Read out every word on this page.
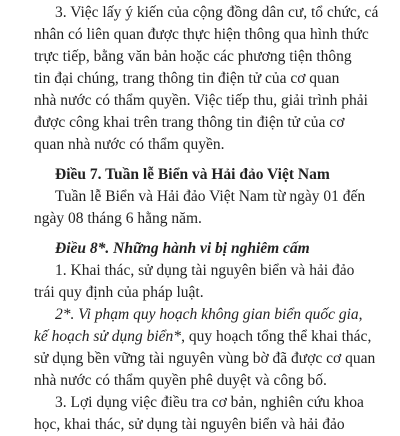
3. Việc lấy ý kiến của cộng đồng dân cư, tổ chức, cá
nhân có liên quan được thực hiện thông qua hình thức
trực tiếp, bằng văn bản hoặc các phương tiện thông
tin đại chúng, trang thông tin điện tử của cơ quan
nhà nước có thẩm quyền. Việc tiếp thu, giải trình phải
được công khai trên trang thông tin điện tử của cơ
quan nhà nước có thẩm quyền.
Điều 7. Tuần lễ Biển và Hải đảo Việt Nam
Tuần lễ Biển và Hải đảo Việt Nam từ ngày 01 đến
ngày 08 tháng 6 hằng năm.
Điều 8*. Những hành vi bị nghiêm cấm
1. Khai thác, sử dụng tài nguyên biển và hải đảo
trái quy định của pháp luật.
2*. Vi phạm quy hoạch không gian biển quốc gia,
kế hoạch sử dụng biển*, quy hoạch tổng thể khai thác,
sử dụng bền vững tài nguyên vùng bờ đã được cơ quan
nhà nước có thẩm quyền phê duyệt và công bố.
3. Lợi dụng việc điều tra cơ bản, nghiên cứu khoa
học, khai thác, sử dụng tài nguyên biển và hải đảo
